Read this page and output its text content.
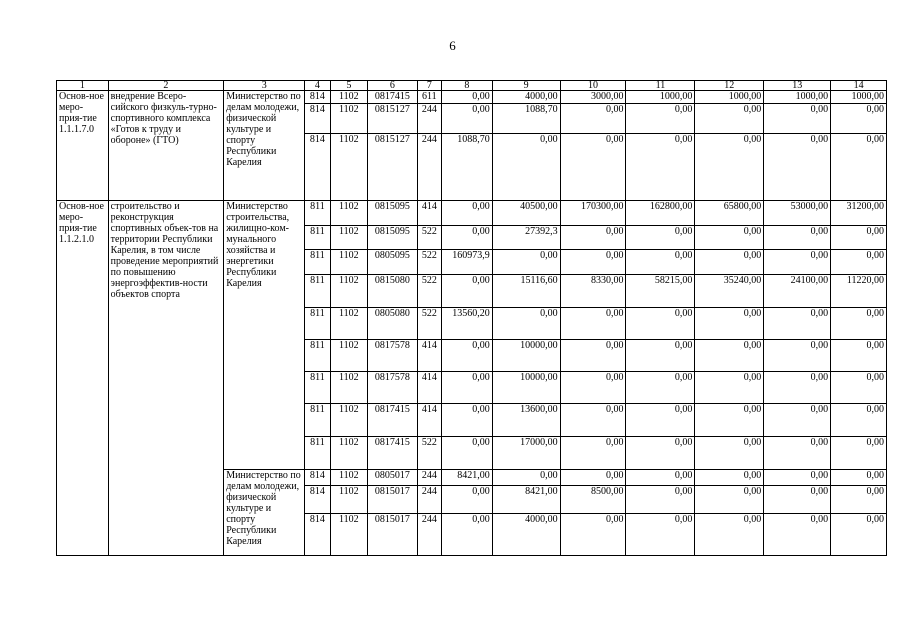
6
1	2	3	4	5	6	7	8	9	10	11	12	13	14
Основ-ное меро-прия-тие 1.1.1.7.0	внедрение Всеро-сийского физкуль-турно-спортивного комплекса «Готов к труду и обороне» (ГТО)	Министерство по делам молодежи, физической культуре и спорту Республики Карелия	814	1102	0817415	611	0,00	4000,00	3000,00	1000,00	1000,00	1000,00	1000,00
			814	1102	0815127	244	0,00	1088,70	0,00	0,00	0,00	0,00	0,00
			814	1102	0815127	244	1088,70	0,00	0,00	0,00	0,00	0,00	0,00
Основ-ное меро-прия-тие 1.1.2.1.0	строительство и реконструкция спортивных объек-тов на территории Республики Карелия, в том числе проведение мероприятий по повышению энергоэффектив-ности объектов спорта	Министерство строительства, жилищно-ком-мунального хозяйства и энергетики Республики Карелия	811	1102	0815095	414	0,00	40500,00	170300,00	162800,00	65800,00	53000,00	31200,00
			811	1102	0815095	522	0,00	27392,3	0,00	0,00	0,00	0,00	0,00
			811	1102	0805095	522	160973,9	0,00	0,00	0,00	0,00	0,00	0,00
			811	1102	0815080	522	0,00	15116,60	8330,00	58215,00	35240,00	24100,00	11220,00
			811	1102	0805080	522	13560,20	0,00	0,00	0,00	0,00	0,00	0,00
			811	1102	0817578	414	0,00	10000,00	0,00	0,00	0,00	0,00	0,00
			811	1102	0817578	414	0,00	10000,00	0,00	0,00	0,00	0,00	0,00
			811	1102	0817415	414	0,00	13600,00	0,00	0,00	0,00	0,00	0,00
			811	1102	0817415	522	0,00	17000,00	0,00	0,00	0,00	0,00	0,00
		Министерство по делам молодежи, физической культуре и спорту Республики Карелия	814	1102	0805017	244	8421,00	0,00	0,00	0,00	0,00	0,00	0,00
			814	1102	0815017	244	0,00	8421,00	8500,00	0,00	0,00	0,00	0,00
			814	1102	0815017	244	0,00	4000,00	0,00	0,00	0,00	0,00	0,00
